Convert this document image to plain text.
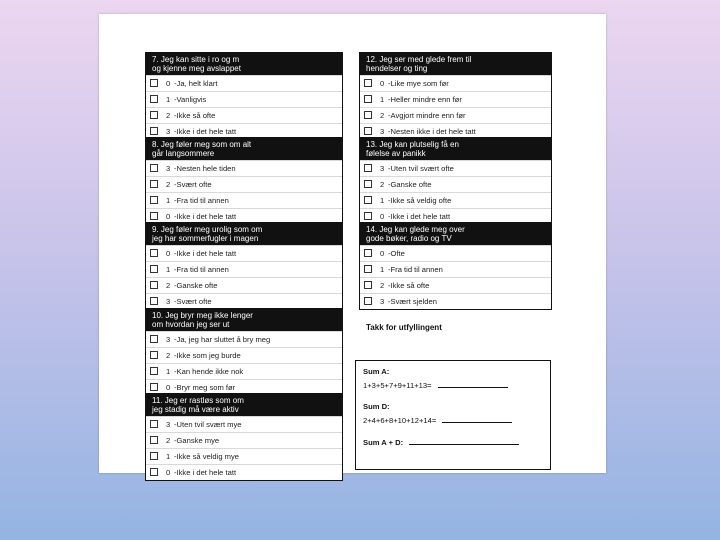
7. Jeg kan sitte i ro og m
og kjenne meg avslappet
0 -Ja, helt klart
1 -Vanligvis
2 -Ikke så ofte
3 -Ikke i det hele tatt
8. Jeg føler meg som om alt
går langsommere
3 -Nesten hele tiden
2 -Svært ofte
1 -Fra tid til annen
0 -Ikke i det hele tatt
9. Jeg føler meg urolig som om
jeg har sommerfugler i magen
0 -Ikke i det hele tatt
1 -Fra tid til annen
2 -Ganske ofte
3 -Svært ofte
10. Jeg bryr meg ikke lenger
om hvordan jeg ser ut
3 -Ja, jeg har sluttet å bry meg
2 -Ikke som jeg burde
1 -Kan hende ikke nok
0 -Bryr meg som før
11. Jeg er rastløs som om
jeg stadig må være aktiv
3 -Uten tvil svært mye
2 -Ganske mye
1 -Ikke så veldig mye
0 -Ikke i det hele tatt
12. Jeg ser med glede frem til
hendelser og ting
0 -Like mye som før
1 -Heller mindre enn før
2 -Avgjort mindre enn før
3 -Nesten ikke i det hele tatt
13. Jeg kan plutselig få en
følelse av panikk
3 -Uten tvil svært ofte
2 -Ganske ofte
1 -Ikke så veldig ofte
0 -Ikke i det hele tatt
14. Jeg kan glede meg over
gode bøker, radio og TV
0 -Ofte
1 -Fra tid til annen
2 -Ikke så ofte
3 -Svært sjelden
Takk for utfyllingent
Sum A:
1+3+5+7+9+11+13=
Sum D:
2+4+6+8+10+12+14=
Sum A + D:
